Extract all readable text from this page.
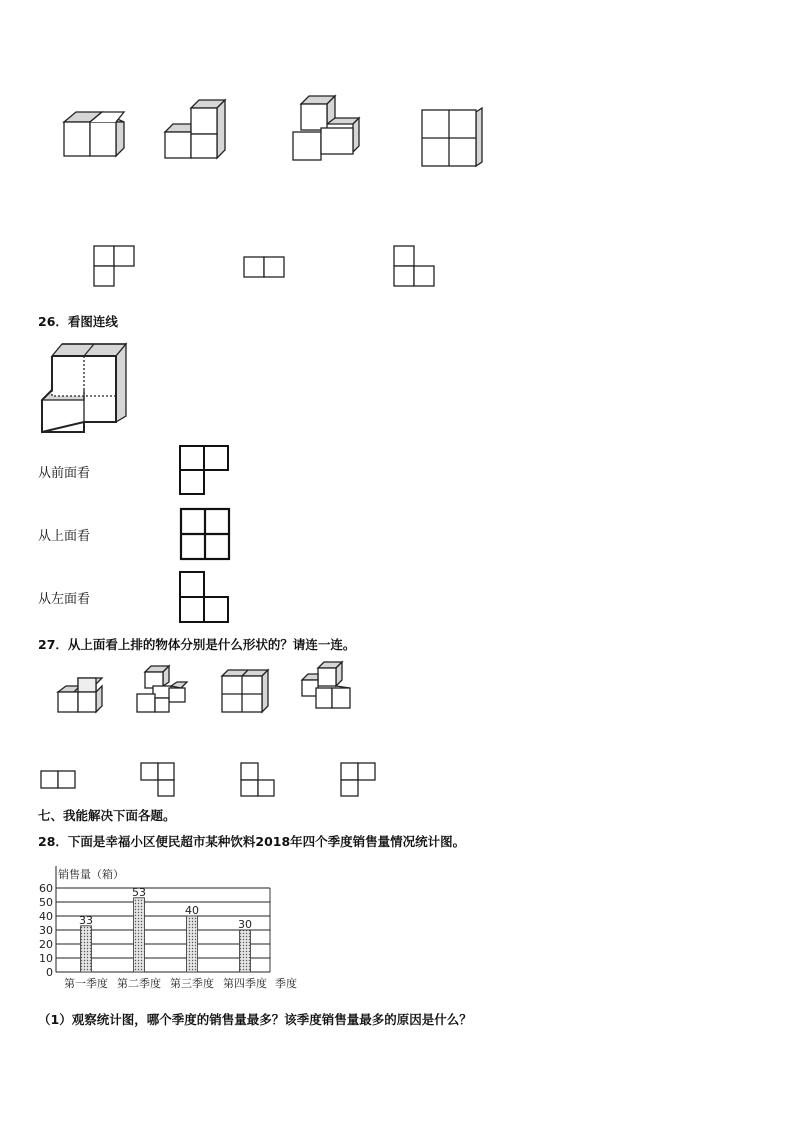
26．看图连线
从前面看
从上面看
从左面看
27．从上面看上排的物体分别是什么形状的？请连一连。
七、我能解决下面各题。
28．下面是幸福小区便民超市某种饮料2018年四个季度销售量情况统计图。
销售量（箱）
0
10
20
30
40
50
60
33
第一季度
53
第二季度
40
第三季度
30
第四季度 季度
（1）观察统计图，哪个季度的销售量最多？该季度销售量最多的原因是什么？
